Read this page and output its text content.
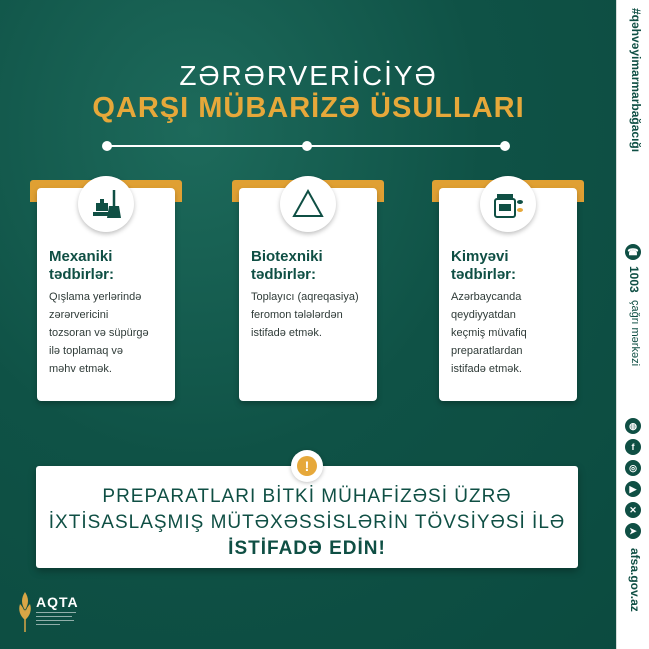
ZƏRƏRVERİCİYƏ
QARŞI MÜBARİZƏ ÜSULLARI
Mexaniki
tədbirlər:
Qışlama yerlərində
zərərvericini
tozsoran və süpürgə
ilə toplamaq və
məhv etmək.
Biotexniki
tədbirlər:
Toplayıcı (aqreqasiya)
feromon tələlərdən
istifadə etmək.
Kimyəvi
tədbirlər:
Azərbaycanda
qeydiyyatdan
keçmiş müvafiq
preparatlardan
istifadə etmək.
!
PREPARATLARI BİTKİ MÜHAFİZƏSİ ÜZRƏ
İXTİSASLAŞMIŞ MÜTƏXƏSSİSLƏRİN TÖVSİYƏSİ İLƏ
İSTİFADƏ EDİN!
AQTA
#qəhvəyimarmarbağacığı
☎
1003
çağrı mərkəzi
◍
f
◎
▶
✕
➤
afsa.gov.az
